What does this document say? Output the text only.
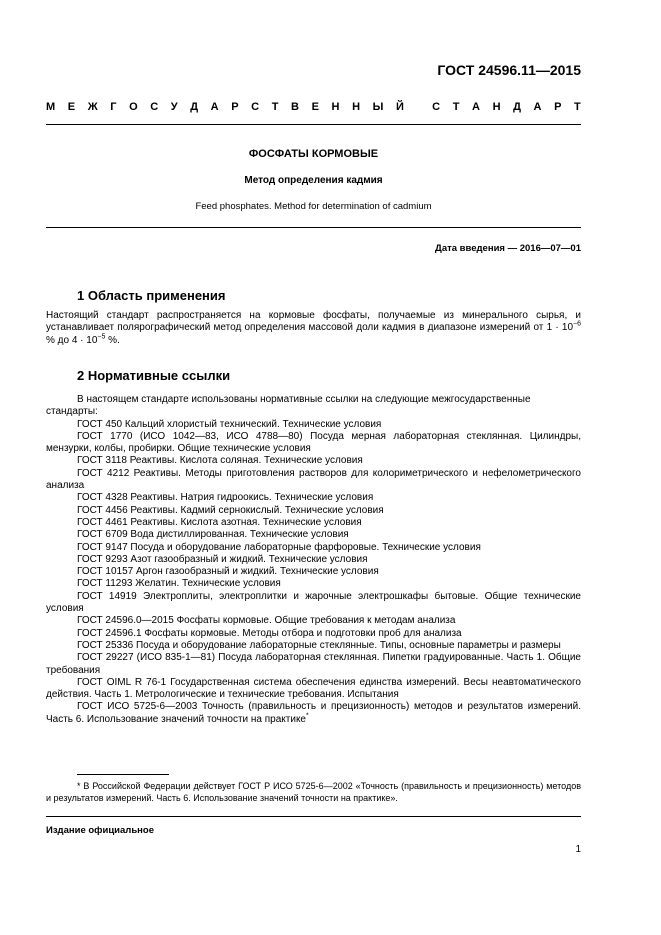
ГОСТ 24596.11—2015
М Е Ж Г О С У Д А Р С Т В Е Н Н Ы Й
	С Т А Н Д А Р Т
ФОСФАТЫ КОРМОВЫЕ
Метод определения кадмия
Feed phosphates. Method for determination of cadmium
Дата введения — 2016—07—01
1 Область применения
Настоящий стандарт распространяется на кормовые фосфаты, получаемые из минерального сырья, и устанавливает полярографический метод определения массовой доли кадмия в диапазоне измерений от $1 \cdot 10^{-6}$ % до $4 \cdot 10^{-5}$ %.
2 Нормативные ссылки

В настоящем стандарте использованы нормативные ссылки на следующие межгосударственные стандарты:

ГОСТ 450 Кальций хлористый технический. Технические условия

ГОСТ 1770 (ИСО 1042—83, ИСО 4788—80) Посуда мерная лабораторная стеклянная. Цилиндры, мензурки, колбы, пробирки. Общие технические условия

ГОСТ 3118 Реактивы. Кислота соляная. Технические условия

ГОСТ 4212 Реактивы. Методы приготовления растворов для колориметрического и нефелометрического анализа

ГОСТ 4328 Реактивы. Натрия гидроокись. Технические условия

ГОСТ 4456 Реактивы. Кадмий сернокислый. Технические условия

ГОСТ 4461 Реактивы. Кислота азотная. Технические условия

ГОСТ 6709 Вода дистиллированная. Технические условия

ГОСТ 9147 Посуда и оборудование лабораторные фарфоровые. Технические условия

ГОСТ 9293 Азот газообразный и жидкий. Технические условия

ГОСТ 10157 Аргон газообразный и жидкий. Технические условия

ГОСТ 11293 Желатин. Технические условия

ГОСТ 14919 Электроплиты, электроплитки и жарочные электрошкафы бытовые. Общие технические условия

ГОСТ 24596.0—2015 Фосфаты кормовые. Общие требования к методам анализа

ГОСТ 24596.1 Фосфаты кормовые. Методы отбора и подготовки проб для анализа

ГОСТ 25336 Посуда и оборудование лабораторные стеклянные. Типы, основные параметры и размеры

ГОСТ 29227 (ИСО 835-1—81) Посуда лабораторная стеклянная. Пипетки градуированные. Часть 1. Общие требования

ГОСТ OIML R 76-1 Государственная система обеспечения единства измерений. Весы неавтоматического действия. Часть 1. Метрологические и технические требования. Испытания

ГОСТ ИСО 5725-6—2003 Точность (правильность и прецизионность) методов и результатов измерений. Часть 6. Использование значений точности на практике*

* В Российской Федерации действует ГОСТ Р ИСО 5725-6—2002 «Точность (правильность и прецизионность) методов и результатов измерений. Часть 6. Использование значений точности на практике».
Издание официальное
1
